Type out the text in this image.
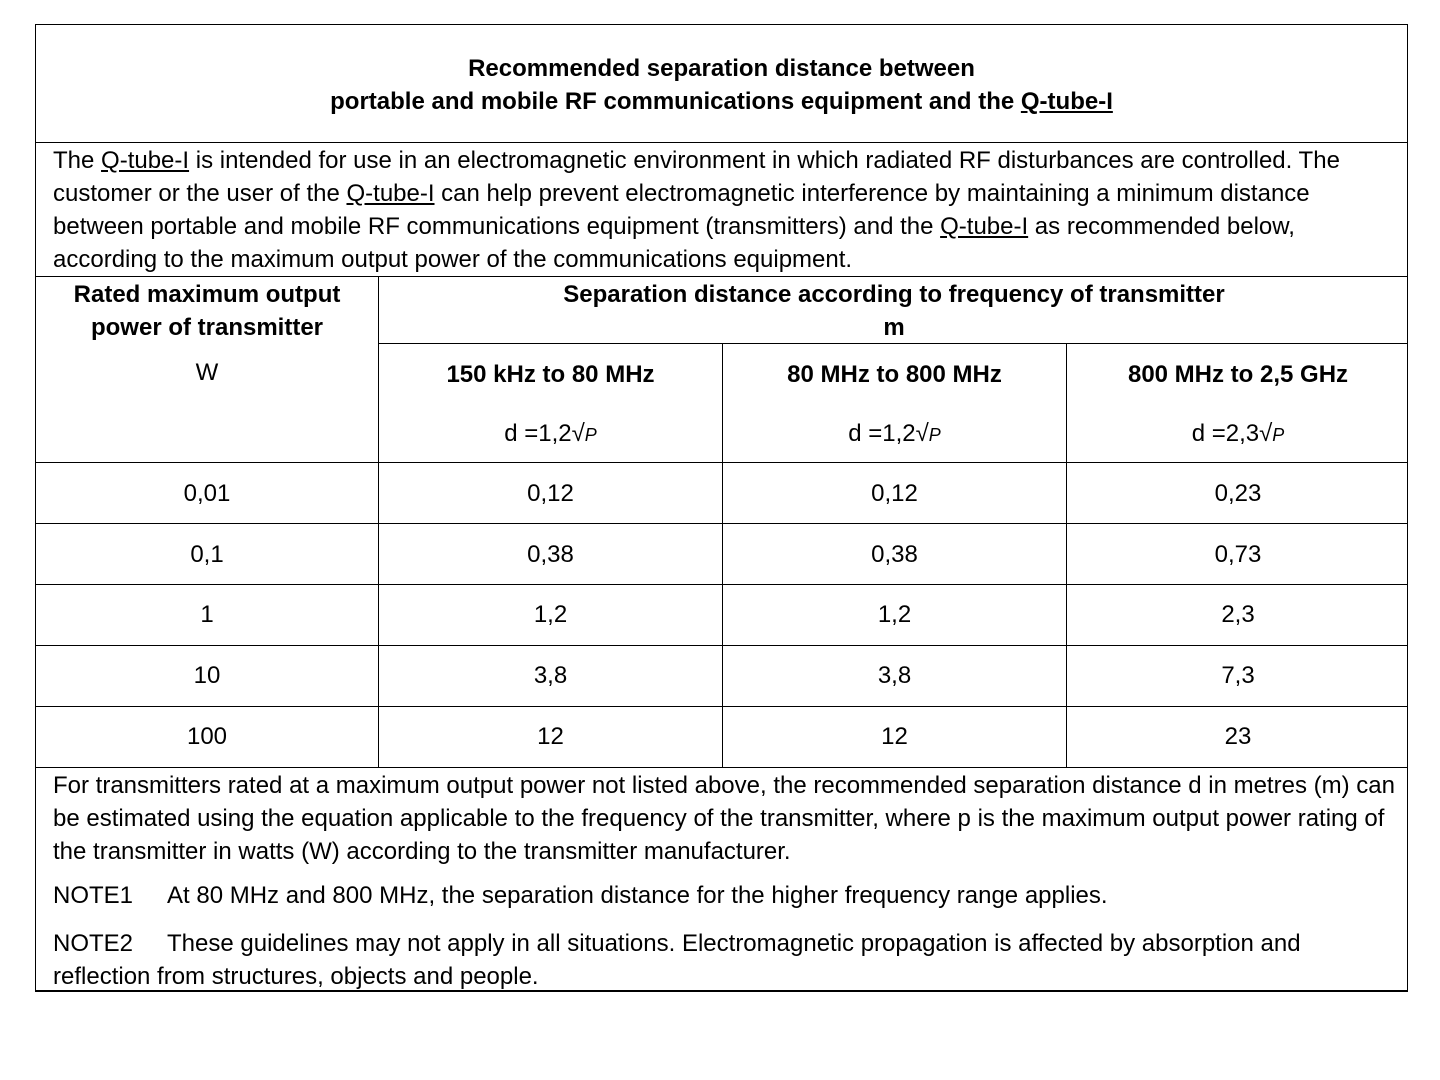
Recommended separation distance between
portable and mobile RF communications equipment and the Q-tube-I
The Q-tube-I is intended for use in an electromagnetic environment in which radiated RF disturbances are controlled. The customer or the user of the Q-tube-I can help prevent electromagnetic interference by maintaining a minimum distance between portable and mobile RF communications equipment (transmitters) and the Q-tube-I as recommended below, according to the maximum output power of the communications equipment.
Rated maximum output
power of transmitter
W
Separation distance according to frequency of transmitter
m
150 kHz to 80 MHz	80 MHz to 800 MHz	800 MHz to 2,5 GHz
d =1,2√P	d =1,2√P	d =2,3√P
0,01	0,12	0,12	0,23
0,1	0,38	0,38	0,73
1	1,2	1,2	2,3
10	3,8	3,8	7,3
100	12	12	23
For transmitters rated at a maximum output power not listed above, the recommended separation distance d in metres (m) can be estimated using the equation applicable to the frequency of the transmitter, where p is the maximum output power rating of the transmitter in watts (W) according to the transmitter manufacturer.
NOTE1 At 80 MHz and 800 MHz, the separation distance for the higher frequency range applies.
NOTE2 These guidelines may not apply in all situations. Electromagnetic propagation is affected by absorption and reflection from structures, objects and people.
